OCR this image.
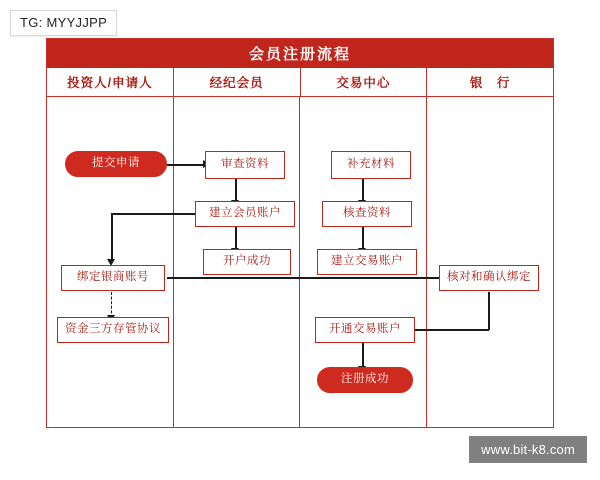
TG: MYYJJPP
会员注册流程
投资人/申请人	经纪会员	交易中心	银　行
提交申请	审查资料	补充材料
建立会员账户	核查资料
开户成功	建立交易账户
绑定银商账号	核对和确认绑定
资金三方存管协议	开通交易账户
注册成功
www.bit-k8.com
